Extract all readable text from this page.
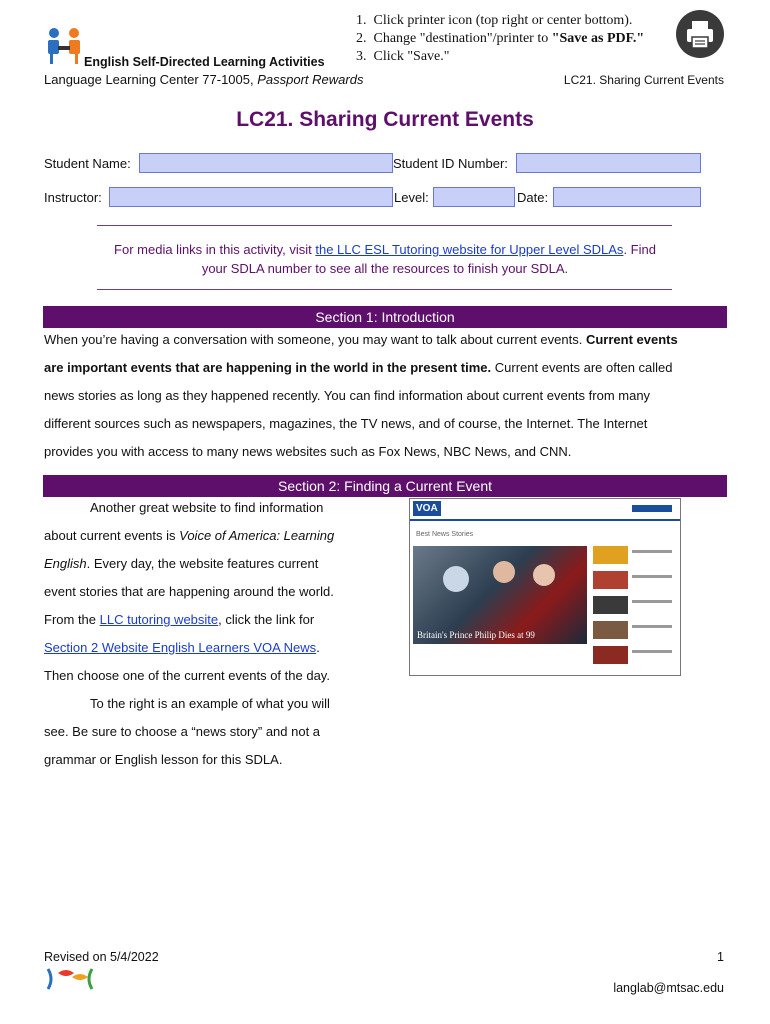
English Self-Directed Learning Activities
1.  Click printer icon (top right or center bottom).
2.  Change "destination"/printer to "Save as PDF."
3.  Click "Save."
Language Learning Center 77-1005, Passport Rewards	LC21. Sharing Current Events
LC21. Sharing Current Events
Student Name:	Student ID Number:
Instructor:	Level:	Date:
For media links in this activity, visit the LLC ESL Tutoring website for Upper Level SDLAs. Find
your SDLA number to see all the resources to finish your SDLA.
Section 1: Introduction
When you’re having a conversation with someone, you may want to talk about current events. Current events
are important events that are happening in the world in the present time. Current events are often called
news stories as long as they happened recently. You can find information about current events from many
different sources such as newspapers, magazines, the TV news, and of course, the Internet. The Internet
provides you with access to many news websites such as Fox News, NBC News, and CNN.
Section 2: Finding a Current Event
Another great website to find information
about current events is Voice of America: Learning
English. Every day, the website features current
event stories that are happening around the world.
From the LLC tutoring website, click the link for
Section 2 Website English Learners VOA News.
Then choose one of the current events of the day.
To the right is an example of what you will
see. Be sure to choose a “news story” and not a
grammar or English lesson for this SDLA.
VOA
Best News Stories
Britain's Prince Philip Dies at 99
Revised on 5/4/2022	1
langlab@mtsac.edu
